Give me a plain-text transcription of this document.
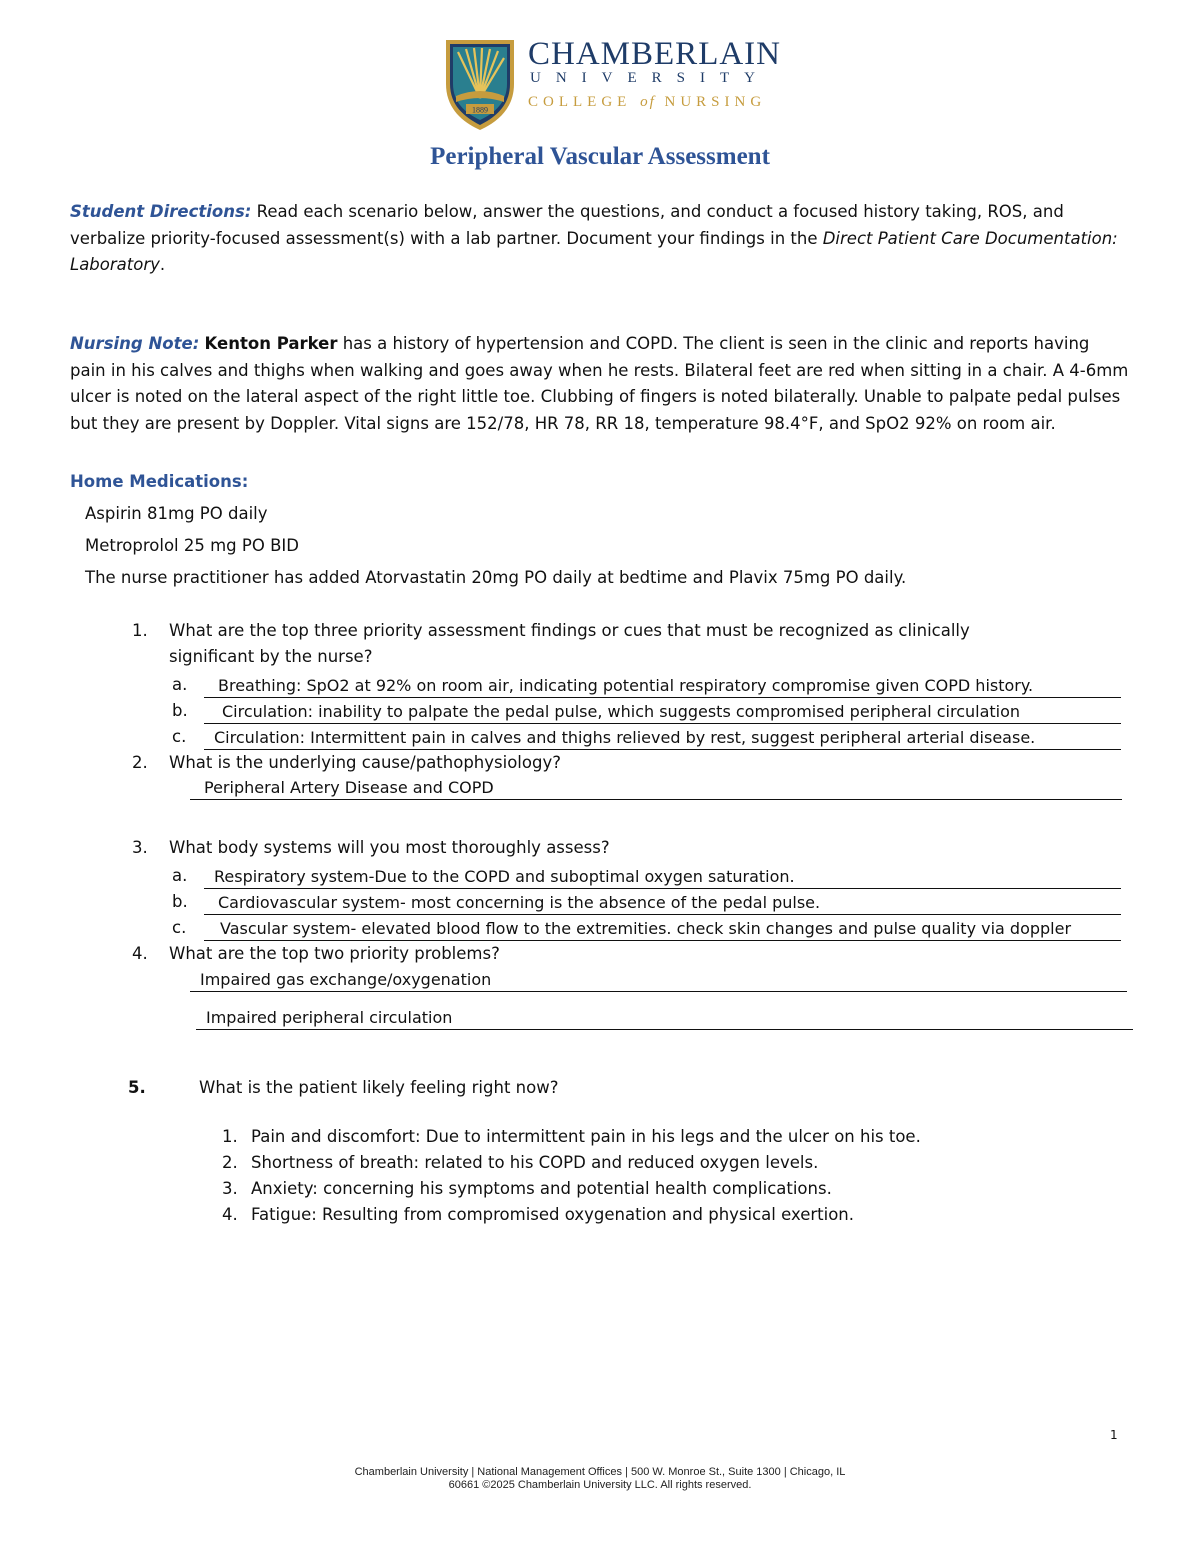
1889
CHAMBERLAIN
UNIVERSITY
COLLEGE of NURSING
Peripheral Vascular Assessment
Student Directions: Read each scenario below, answer the questions, and conduct a focused history taking, ROS, and verbalize priority-focused assessment(s) with a lab partner. Document your findings in the Direct Patient Care Documentation: Laboratory.
Nursing Note: Kenton Parker has a history of hypertension and COPD. The client is seen in the clinic and reports having pain in his calves and thighs when walking and goes away when he rests. Bilateral feet are red when sitting in a chair. A 4-6mm ulcer is noted on the lateral aspect of the right little toe. Clubbing of fingers is noted bilaterally. Unable to palpate pedal pulses but they are present by Doppler. Vital signs are 152/78, HR 78, RR 18, temperature 98.4°F, and SpO2 92% on room air.
Home Medications:
Aspirin 81mg PO daily
Metroprolol 25 mg PO BID
The nurse practitioner has added Atorvastatin 20mg PO daily at bedtime and Plavix 75mg PO daily.
1. What are the top three priority assessment findings or cues that must be recognized as clinically
significant by the nurse?
a.	Breathing: SpO2 at 92% on room air, indicating potential respiratory compromise given COPD history.
b.	Circulation: inability to palpate the pedal pulse, which suggests compromised peripheral circulation
c.	Circulation: Intermittent pain in calves and thighs relieved by rest, suggest peripheral arterial disease.
2. What is the underlying cause/pathophysiology?
Peripheral Artery Disease and COPD
3. What body systems will you most thoroughly assess?
a.	Respiratory system-Due to the COPD and suboptimal oxygen saturation.
b.	Cardiovascular system- most concerning is the absence of the pedal pulse.
c.	Vascular system- elevated blood flow to the extremities. check skin changes and pulse quality via doppler
4. What are the top two priority problems?
Impaired gas exchange/oxygenation
Impaired peripheral circulation
5.	What is the patient likely feeling right now?
1. Pain and discomfort: Due to intermittent pain in his legs and the ulcer on his toe.
2. Shortness of breath: related to his COPD and reduced oxygen levels.
3. Anxiety: concerning his symptoms and potential health complications.
4. Fatigue: Resulting from compromised oxygenation and physical exertion.
1
Chamberlain University | National Management Offices | 500 W. Monroe St., Suite 1300 | Chicago, IL
60661 ©2025 Chamberlain University LLC. All rights reserved.
